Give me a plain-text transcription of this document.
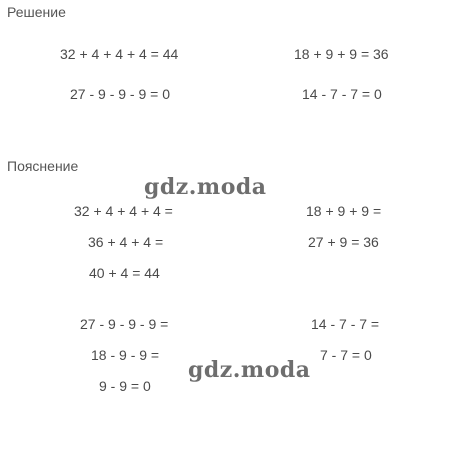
Решение
32 + 4 + 4 + 4 = 44
27 - 9 - 9 - 9 = 0
18 + 9 + 9 = 36
14 - 7 - 7 = 0
Пояснение
32 + 4 + 4 + 4 =
36 + 4 + 4 =
40 + 4 = 44
18 + 9 + 9 =
27 + 9 = 36
27 - 9 - 9 - 9 =
18 - 9 - 9 =
9 - 9 = 0
14 - 7 - 7 =
7 - 7 = 0
gdz.moda
gdz.moda
